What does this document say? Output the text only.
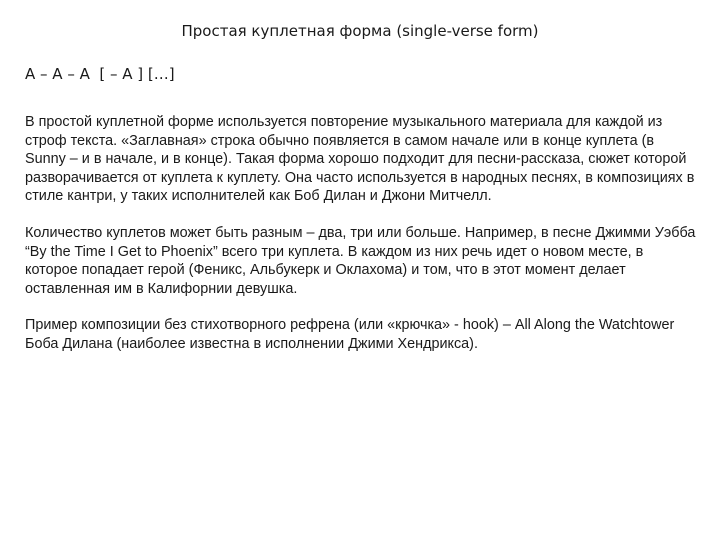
Простая куплетная форма (single-verse form)
А – А – А  [ – А ] […]

В простой куплетной форме используется повторение музыкального материала для каждой из строф текста. «Заглавная» строка обычно появляется в самом начале или в конце куплета (в Sunny – и в начале, и в конце). Такая форма хорошо подходит для песни-рассказа, сюжет которой разворачивается от куплета к куплету. Она часто используется в народных песнях, в композициях в стиле кантри, у таких исполнителей как Боб Дилан и Джони Митчелл.

Количество куплетов может быть разным – два, три или больше. Например, в песне Джимми Уэбба “By the Time I Get to Phoenix” всего три куплета. В каждом из них речь идет о новом месте, в которое попадает герой (Феникс, Альбукерк и Оклахома) и том, что в этот момент делает оставленная им в Калифорнии девушка.

Пример композиции без стихотворного рефрена (или «крючка» - hook) – All Along the Watchtower Боба Дилана (наиболее известна в исполнении Джими Хендрикса).
